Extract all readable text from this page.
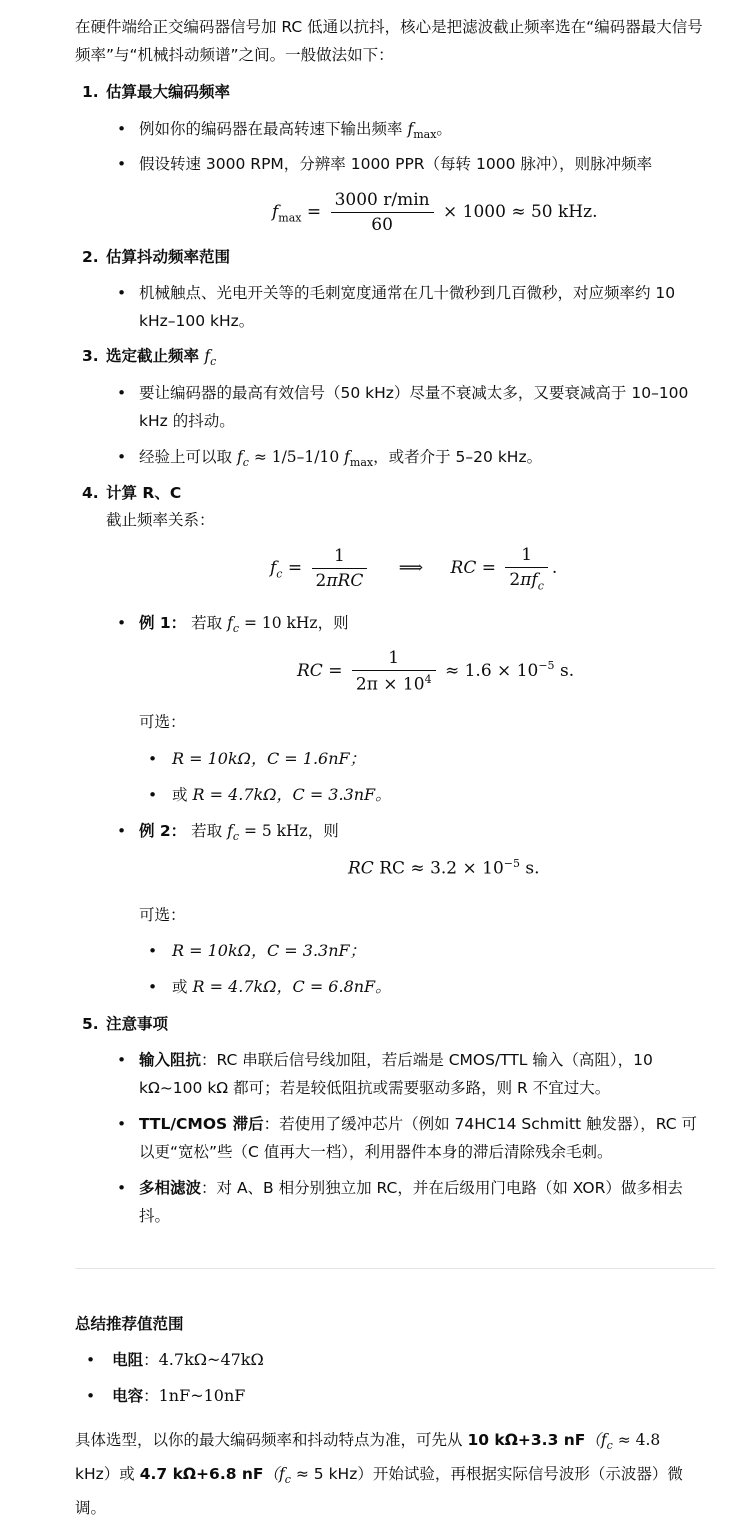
在硬件端给正交编码器信号加 RC 低通以抗抖，核心是把滤波截止频率选在“编码器最大信号频率”与“机械抖动频谱”之间。一般做法如下：
1. 估算最大编码频率
• 例如你的编码器在最高转速下输出频率 $f_{max}$。
• 假设转速 3000 RPM，分辨率 1000 PPR（每转 1000 脉冲），则脉冲频率
$f_{max} = \frac{3000 r/\min}{60} \times 1000 \approx 50$ kHz.
2. 估算抖动频率范围
• 机械触点、光电开关等的毛刺宽度通常在几十微秒到几百微秒，对应频率约 10
kHz–100 kHz。
3. 选定截止频率 $f_c$
• 要让编码器的最高有效信号（50 kHz）尽量不衰减太多，又要衰减高于 10–100
kHz 的抖动。
• 经验上可以取 $f_c \approx 1/5-1/10$ $f_{max}$，或者介于 5–20 kHz。
4. 计算 R、C
截止频率关系：
$f_c = \frac{1}{\text{2πRC}}$ ⟹ RC = $\frac{1}{2\pi f_c}$ .
• 例 1： 若取 $f_c = 10$ kHz，则
RC = $\frac{1}{2\pi \times 10^4} \approx 1.6 \times 10^{-5}$ s.
可选：
• R = 10kΩ，C = 1.6nF；
• 或 R = 4.7kΩ，C = 3.3nF。
• 例 2： 若取 $f_c = 5$ kHz，则
RC RC ≈ $3.2 \times 10^{-5}$ s.
可选：
• R = 10kΩ，C = 3.3nF；
• 或 R = 4.7kΩ，C = 6.8nF。
5. 注意事项
• 输入阻抗：RC 串联后信号线加阻，若后端是 CMOS/TTL 输入（高阻），10
kΩ~100 kΩ 都可；若是较低阻抗或需要驱动多路，则 R 不宜过大。
• TTL/CMOS 滞后：若使用了缓冲芯片（例如 74HC14 Schmitt 触发器），RC 可
以更“宽松”些（C 值再大一档），利用器件本身的滞后清除残余毛刺。
• 多相滤波：对 A、B 相分别独立加 RC，并在后级用门电路（如 XOR）做多相去
抖。
总结推荐值范围
• 电阻：4.7kΩ~47kΩ
• 电容：1nF~10nF
具体选型，以你的最大编码频率和抖动特点为准，可先从 10 kΩ+3.3 $nF(f_c \approx 4.8$
kHz）或 4.7 kΩ+6.8 $nF(f_c \approx 5$ kHz）开始试验，再根据实际信号波形（示波器）微
调。
